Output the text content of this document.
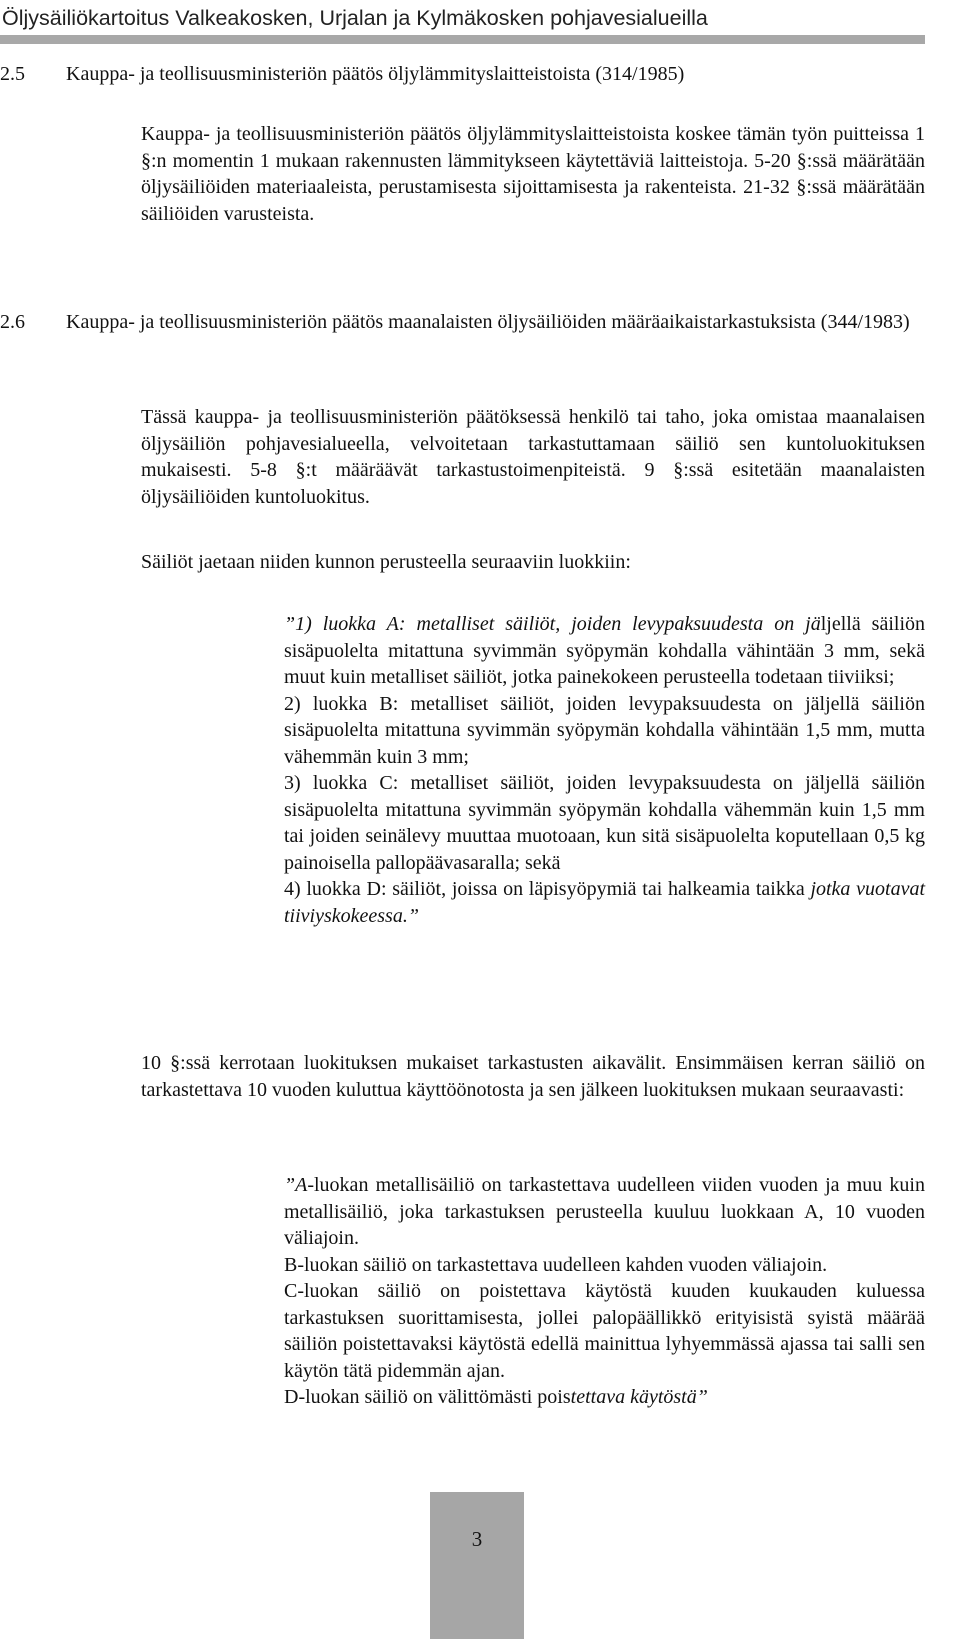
Öljysäiliökartoitus Valkeakosken, Urjalan ja Kylmäkosken pohjavesialueilla
2.5 Kauppa- ja teollisuusministeriön päätös öljylämmityslaitteistoista (314/1985)

Kauppa- ja teollisuusministeriön päätös öljylämmityslaitteistoista koskee tämän työn puitteissa 1 §:n momentin 1 mukaan rakennusten lämmitykseen käytettäviä laitteistoja. 5-20 §:ssä määrätään öljysäiliöiden materiaaleista, perustamisesta sijoittamisesta ja rakenteista. 21-32 §:ssä määrätään säiliöiden varusteista.

2.6 Kauppa- ja teollisuusministeriön päätös maanalaisten öljysäiliöiden määräaikaistarkastuksista (344/1983)

Tässä kauppa- ja teollisuusministeriön päätöksessä henkilö tai taho, joka omistaa maanalaisen öljysäiliön pohjavesialueella, velvoitetaan tarkastuttamaan säiliö sen kuntoluokituksen mukaisesti. 5-8 §:t määräävät tarkastustoimenpiteistä. 9 §:ssä esitetään maanalaisten öljysäiliöiden kuntoluokitus.

Säiliöt jaetaan niiden kunnon perusteella seuraaviin luokkiin:

”1) luokka A: metalliset säiliöt, joiden levypaksuudesta on jäljellä säiliön sisäpuolelta mitattuna syvimmän syöpymän kohdalla vähintään 3 mm, sekä muut kuin metalliset säiliöt, jotka painekokeen perusteella todetaan tiiviiksi;
2) luokka B: metalliset säiliöt, joiden levypaksuudesta on jäljellä säiliön sisäpuolelta mitattuna syvimmän syöpymän kohdalla vähintään 1,5 mm, mutta vähemmän kuin 3 mm;
3) luokka C: metalliset säiliöt, joiden levypaksuudesta on jäljellä säiliön sisäpuolelta mitattuna syvimmän syöpymän kohdalla vähemmän kuin 1,5 mm tai joiden seinälevy muuttaa muotoaan, kun sitä sisäpuolelta koputellaan 0,5 kg painoisella pallopäävasaralla; sekä
4) luokka D: säiliöt, joissa on läpisyöpymiä tai halkeamia taikka jotka vuotavat tiiviyskokeessa.”

10 §:ssä kerrotaan luokituksen mukaiset tarkastusten aikavälit. Ensimmäisen kerran säiliö on tarkastettava 10 vuoden kuluttua käyttöönotosta ja sen jälkeen luokituksen mukaan seuraavasti:

”A-luokan metallisäiliö on tarkastettava uudelleen viiden vuoden ja muu kuin metallisäiliö, joka tarkastuksen perusteella kuuluu luokkaan A, 10 vuoden väliajoin.
B-luokan säiliö on tarkastettava uudelleen kahden vuoden väliajoin.
C-luokan säiliö on poistettava käytöstä kuuden kuukauden kuluessa tarkastuksen suorittamisesta, jollei palopäällikkö erityisistä syistä määrää säiliön poistettavaksi käytöstä edellä mainittua lyhyemmässä ajassa tai salli sen käytön tätä pidemmän ajan.
D-luokan säiliö on välittömästi poistettava käytöstä”
3
